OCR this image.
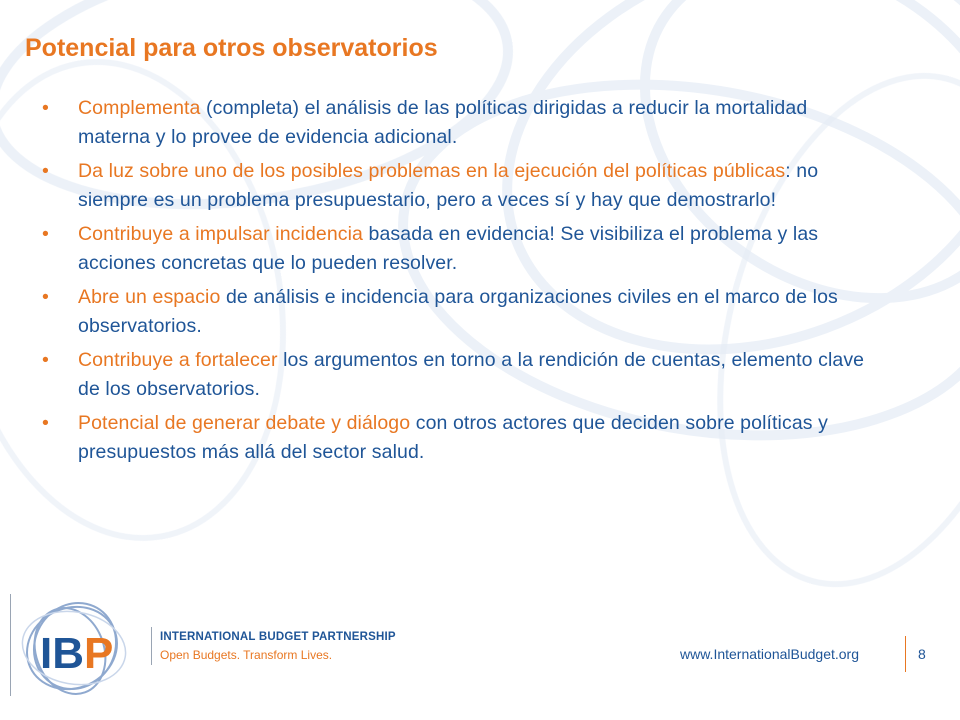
Potencial para otros observatorios
• Complementa (completa) el análisis de las políticas dirigidas a reducir la mortalidad materna y lo provee de evidencia adicional.
• Da luz sobre uno de los posibles problemas en la ejecución del políticas públicas: no siempre es un problema presupuestario, pero a veces sí y hay que demostrarlo!
• Contribuye a impulsar incidencia basada en evidencia! Se visibiliza el problema y las acciones concretas que lo pueden resolver.
• Abre un espacio de análisis e incidencia para organizaciones civiles en el marco de los observatorios.
• Contribuye a fortalecer los argumentos en torno a la rendición de cuentas, elemento clave de los observatorios.
• Potencial de generar debate y diálogo con otros actores que deciden sobre políticas y presupuestos más allá del sector salud.
IBP	INTERNATIONAL BUDGET PARTNERSHIP
Open Budgets. Transform Lives.	www.InternationalBudget.org	8
